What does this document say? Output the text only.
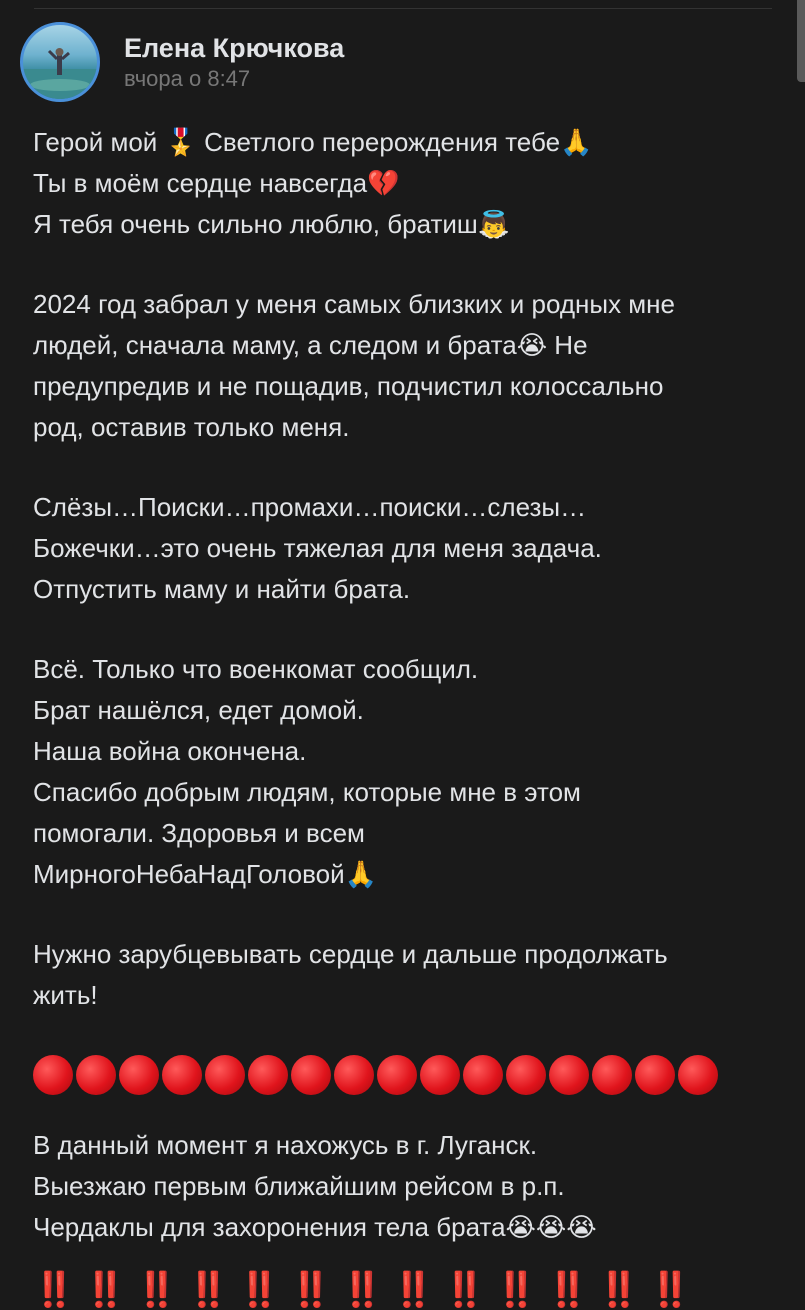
Елена Крючкова
вчора о 8:47
Герой мой 🎖️ Светлого перерождения тебе🙏
Ты в моём сердце навсегда💔
Я тебя очень сильно люблю, братиш👼
2024 год забрал у меня самых близких и родных мне
людей, сначала маму, а следом и брата😭 Не
предупредив и не пощадив, подчистил колоссально
род, оставив только меня.
Слёзы…Поиски…промахи…поиски…слезы…
Божечки…это очень тяжелая для меня задача.
Отпустить маму и найти брата.
Всё. Только что военкомат сообщил.
Брат нашёлся, едет домой.
Наша война окончена.
Спасибо добрым людям, которые мне в этом
помогали. Здоровья и всем
МирногоНебаНадГоловой🙏
Нужно зарубцевывать сердце и дальше продолжать
жить!
В данный момент я нахожусь в г. Луганск.
Выезжаю первым ближайшим рейсом в р.п.
Чердаклы для захоронения тела брата😭😭😭
‼️ ‼️ ‼️ ‼️ ‼️ ‼️ ‼️ ‼️ ‼️ ‼️ ‼️ ‼️ ‼️
